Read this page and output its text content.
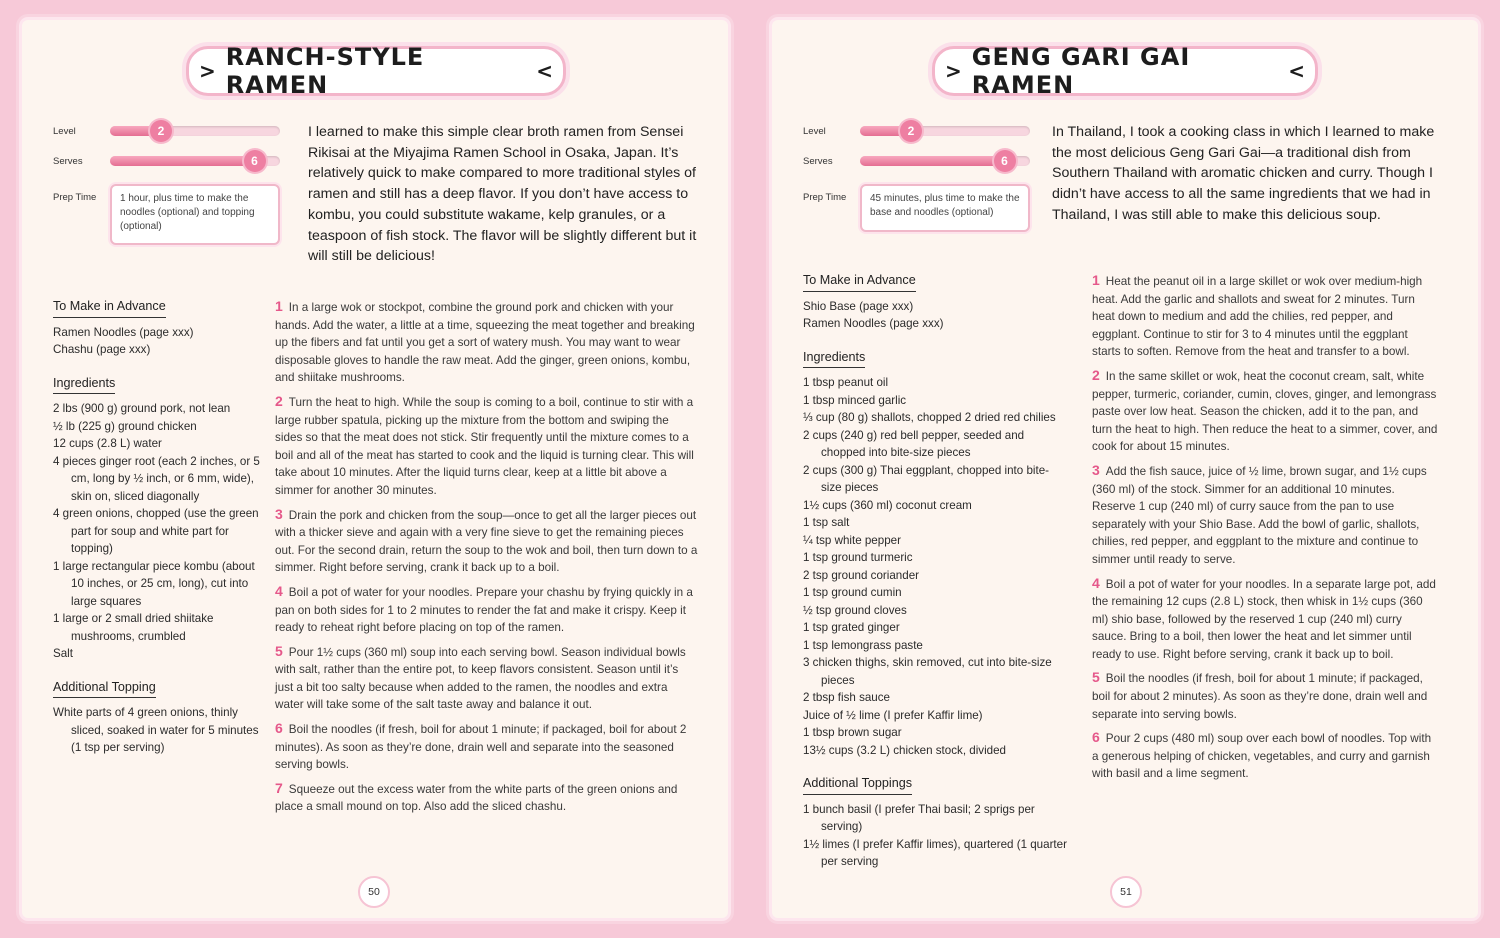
> RANCH-STYLE RAMEN	<
Level	2
Serves	6
Prep Time	1 hour, plus time to make the noodles (optional) and topping (optional)
I learned to make this simple clear broth ramen from Sensei Rikisai at the Miyajima Ramen School in Osaka, Japan. It’s relatively quick to make compared to more traditional styles of ramen and still has a deep flavor. If you don’t have access to kombu, you could substitute wakame, kelp granules, or a teaspoon of fish stock. The flavor will be slightly different but it will still be delicious!
To Make in Advance

Ramen Noodles (page xxx)
Chashu (page xxx)
Ingredients

2 lbs (900 g) ground pork, not lean
½ lb (225 g) ground chicken
12 cups (2.8 L) water
4 pieces ginger root (each 2 inches, or 5 cm, long by ½ inch, or 6 mm, wide), skin on, sliced diagonally
4 green onions, chopped (use the green part for soup and white part for topping)
1 large rectangular piece kombu (about 10 inches, or 25 cm, long), cut into large squares
1 large or 2 small dried shiitake mushrooms, crumbled
Salt
Additional Topping

White parts of 4 green onions, thinly sliced, soaked in water for 5 minutes (1 tsp per serving)
1 In a large wok or stockpot, combine the ground pork and chicken with your hands. Add the water, a little at a time, squeezing the meat together and breaking up the fibers and fat until you get a sort of watery mush. You may want to wear disposable gloves to handle the raw meat. Add the ginger, green onions, kombu, and shiitake mushrooms.
2 Turn the heat to high. While the soup is coming to a boil, continue to stir with a large rubber spatula, picking up the mixture from the bottom and swiping the sides so that the meat does not stick. Stir frequently until the mixture comes to a boil and all of the meat has started to cook and the liquid is turning clear. This will take about 10 minutes. After the liquid turns clear, keep at a little bit above a simmer for another 30 minutes.
3 Drain the pork and chicken from the soup—once to get all the larger pieces out with a thicker sieve and again with a very fine sieve to get the remaining pieces out. For the second drain, return the soup to the wok and boil, then turn down to a simmer. Right before serving, crank it back up to a boil.
4 Boil a pot of water for your noodles. Prepare your chashu by frying quickly in a pan on both sides for 1 to 2 minutes to render the fat and make it crispy. Keep it ready to reheat right before placing on top of the ramen.
5 Pour 1½ cups (360 ml) soup into each serving bowl. Season individual bowls with salt, rather than the entire pot, to keep flavors consistent. Season until it’s just a bit too salty because when added to the ramen, the noodles and extra water will take some of the salt taste away and balance it out.
6 Boil the noodles (if fresh, boil for about 1 minute; if packaged, boil for about 2 minutes). As soon as they’re done, drain well and separate into the seasoned serving bowls.
7 Squeeze out the excess water from the white parts of the green onions and place a small mound on top. Also add the sliced chashu.
50
> GENG GARI GAI RAMEN	<
Level	2
Serves	6
Prep Time	45 minutes, plus time to make the base and noodles (optional)
In Thailand, I took a cooking class in which I learned to make the most delicious Geng Gari Gai—a traditional dish from Southern Thailand with aromatic chicken and curry. Though I didn’t have access to all the same ingredients that we had in Thailand, I was still able to make this delicious soup.
To Make in Advance

Shio Base (page xxx)
Ramen Noodles (page xxx)
Ingredients

1 tbsp peanut oil
1 tbsp minced garlic
⅓ cup (80 g) shallots, chopped 2 dried red chilies
2 cups (240 g) red bell pepper, seeded and chopped into bite-size pieces
2 cups (300 g) Thai eggplant, chopped into bite-size pieces
1½ cups (360 ml) coconut cream
1 tsp salt
¼ tsp white pepper
1 tsp ground turmeric
2 tsp ground coriander
1 tsp ground cumin
½ tsp ground cloves
1 tsp grated ginger
1 tsp lemongrass paste
3 chicken thighs, skin removed, cut into bite-size pieces
2 tbsp fish sauce
Juice of ½ lime (I prefer Kaffir lime)
1 tbsp brown sugar
13½ cups (3.2 L) chicken stock, divided
Additional Toppings

1 bunch basil (I prefer Thai basil; 2 sprigs per serving)
1½ limes (I prefer Kaffir limes), quartered (1 quarter per serving
1 Heat the peanut oil in a large skillet or wok over medium-high heat. Add the garlic and shallots and sweat for 2 minutes. Turn heat down to medium and add the chilies, red pepper, and eggplant. Continue to stir for 3 to 4 minutes until the eggplant starts to soften. Remove from the heat and transfer to a bowl.
2 In the same skillet or wok, heat the coconut cream, salt, white pepper, turmeric, coriander, cumin, cloves, ginger, and lemongrass paste over low heat. Season the chicken, add it to the pan, and turn the heat to high. Then reduce the heat to a simmer, cover, and cook for about 15 minutes.
3 Add the fish sauce, juice of ½ lime, brown sugar, and 1½ cups (360 ml) of the stock. Simmer for an additional 10 minutes. Reserve 1 cup (240 ml) of curry sauce from the pan to use separately with your Shio Base. Add the bowl of garlic, shallots, chilies, red pepper, and eggplant to the mixture and continue to simmer until ready to serve.
4 Boil a pot of water for your noodles. In a separate large pot, add the remaining 12 cups (2.8 L) stock, then whisk in 1½ cups (360 ml) shio base, followed by the reserved 1 cup (240 ml) curry sauce. Bring to a boil, then lower the heat and let simmer until ready to use. Right before serving, crank it back up to boil.
5 Boil the noodles (if fresh, boil for about 1 minute; if packaged, boil for about 2 minutes). As soon as they’re done, drain well and separate into serving bowls.
6 Pour 2 cups (480 ml) soup over each bowl of noodles. Top with a generous helping of chicken, vegetables, and curry and garnish with basil and a lime segment.
51
